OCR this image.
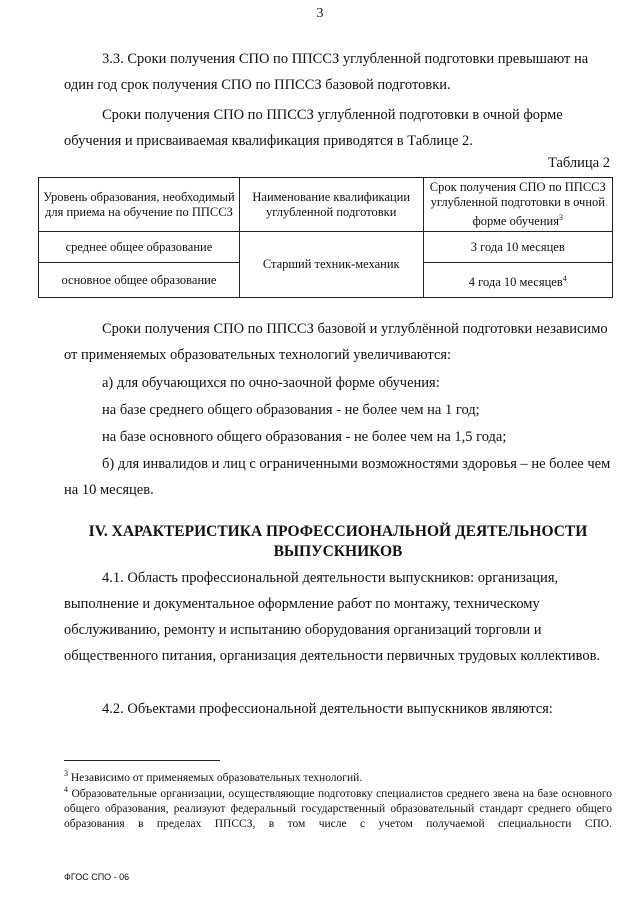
3

3.3. Сроки получения СПО по ППССЗ углубленной подготовки превышают на один год срок получения СПО по ППССЗ базовой подготовки.

Сроки получения СПО по ППССЗ углубленной подготовки в очной форме обучения и присваиваемая квалификация приводятся в Таблице 2.

Таблица 2
Уровень образования, необходимый для приема на обучение по ППССЗ	Наименование квалификации углубленной подготовки	Срок получения СПО по ППССЗ углубленной подготовки в очной форме обучения$^3$
среднее общее образование	Старший техник-механик	3 года 10 месяцев
основное общее образование		4 года 10 месяцев$^4$

Сроки получения СПО по ППССЗ базовой и углублённой подготовки независимо от применяемых образовательных технологий увеличиваются:

а) для обучающихся по очно-заочной форме обучения:

на базе среднего общего образования - не более чем на 1 год;

на базе основного общего образования - не более чем на 1,5 года;

б) для инвалидов и лиц с ограниченными возможностями здоровья – не более чем на 10 месяцев.

IV. ХАРАКТЕРИСТИКА ПРОФЕССИОНАЛЬНОЙ ДЕЯТЕЛЬНОСТИ ВЫПУСКНИКОВ

4.1. Область профессиональной деятельности выпускников: организация, выполнение и документальное оформление работ по монтажу, техническому обслуживанию, ремонту и испытанию оборудования организаций торговли и общественного питания, организация деятельности первичных трудовых коллективов.

4.2. Объектами профессиональной деятельности выпускников являются:

$^3$ Независимо от применяемых образовательных технологий.

$^4$ Образовательные организации, осуществляющие подготовку специалистов среднего звена на базе основного общего образования, реализуют федеральный государственный образовательный стандарт среднего общего образования в пределах ППССЗ, в том числе с учетом получаемой специальности СПО.

ФГОС СПО - 06
